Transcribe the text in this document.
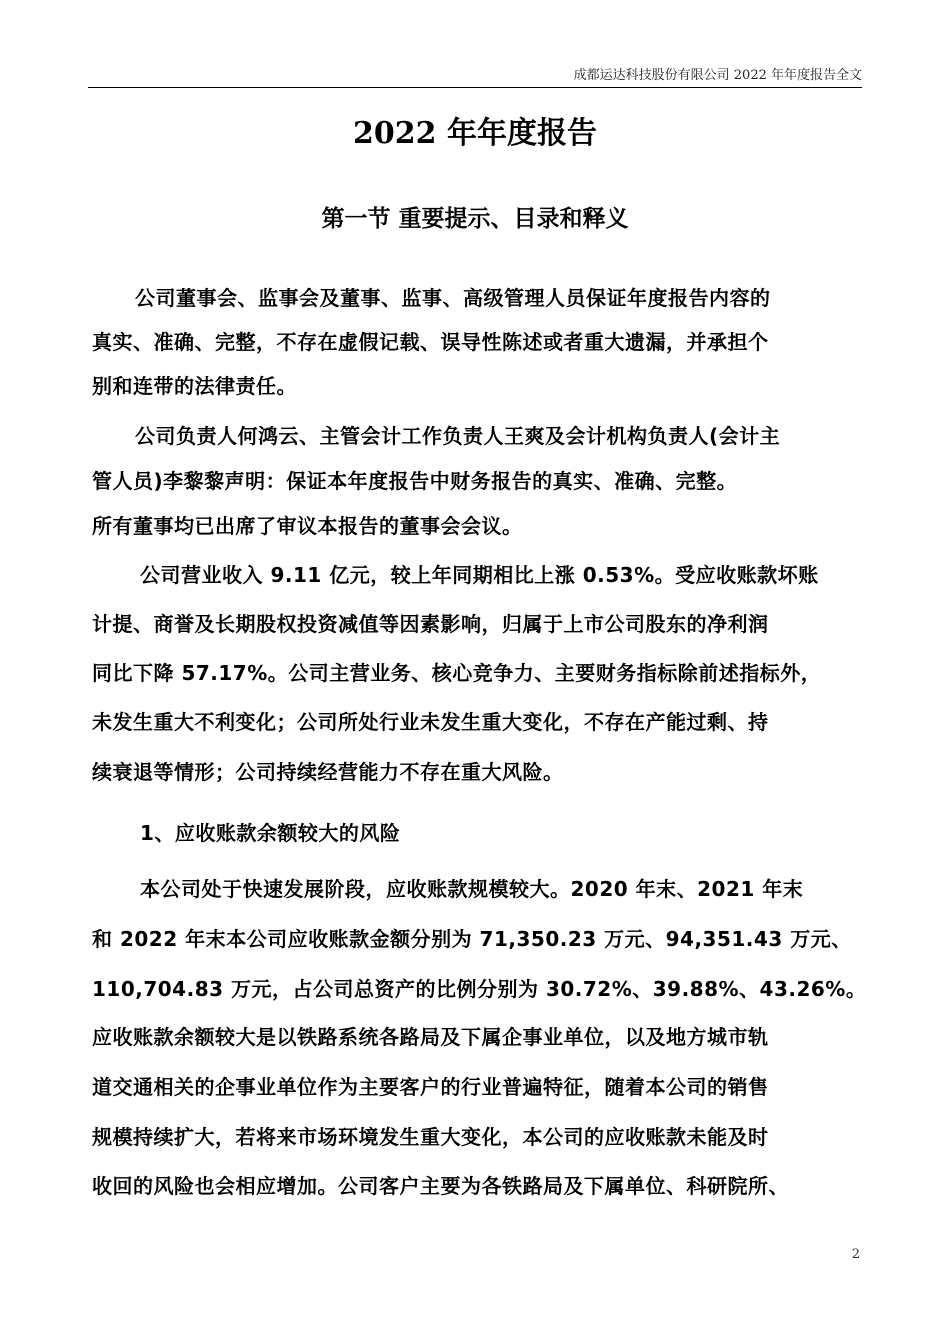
成都运达科技股份有限公司 2022 年年度报告全文
2022 年年度报告
第一节 重要提示、目录和释义
公司董事会、监事会及董事、监事、高级管理人员保证年度报告内容的
真实、准确、完整，不存在虚假记载、误导性陈述或者重大遗漏，并承担个
别和连带的法律责任。
公司负责人何鸿云、主管会计工作负责人王爽及会计机构负责人(会计主
管人员)李黎黎声明：保证本年度报告中财务报告的真实、准确、完整。
所有董事均已出席了审议本报告的董事会会议。
公司营业收入 9.11 亿元，较上年同期相比上涨 0.53%。受应收账款坏账
计提、商誉及长期股权投资减值等因素影响，归属于上市公司股东的净利润
同比下降 57.17%。公司主营业务、核心竞争力、主要财务指标除前述指标外，
未发生重大不利变化；公司所处行业未发生重大变化，不存在产能过剩、持
续衰退等情形；公司持续经营能力不存在重大风险。
1、应收账款余额较大的风险
本公司处于快速发展阶段，应收账款规模较大。2020 年末、2021 年末
和 2022 年末本公司应收账款金额分别为 71,350.23 万元、94,351.43 万元、
110,704.83 万元，占公司总资产的比例分别为 30.72%、39.88%、43.26%。
应收账款余额较大是以铁路系统各路局及下属企事业单位，以及地方城市轨
道交通相关的企事业单位作为主要客户的行业普遍特征，随着本公司的销售
规模持续扩大，若将来市场环境发生重大变化，本公司的应收账款未能及时
收回的风险也会相应增加。公司客户主要为各铁路局及下属单位、科研院所、
2
